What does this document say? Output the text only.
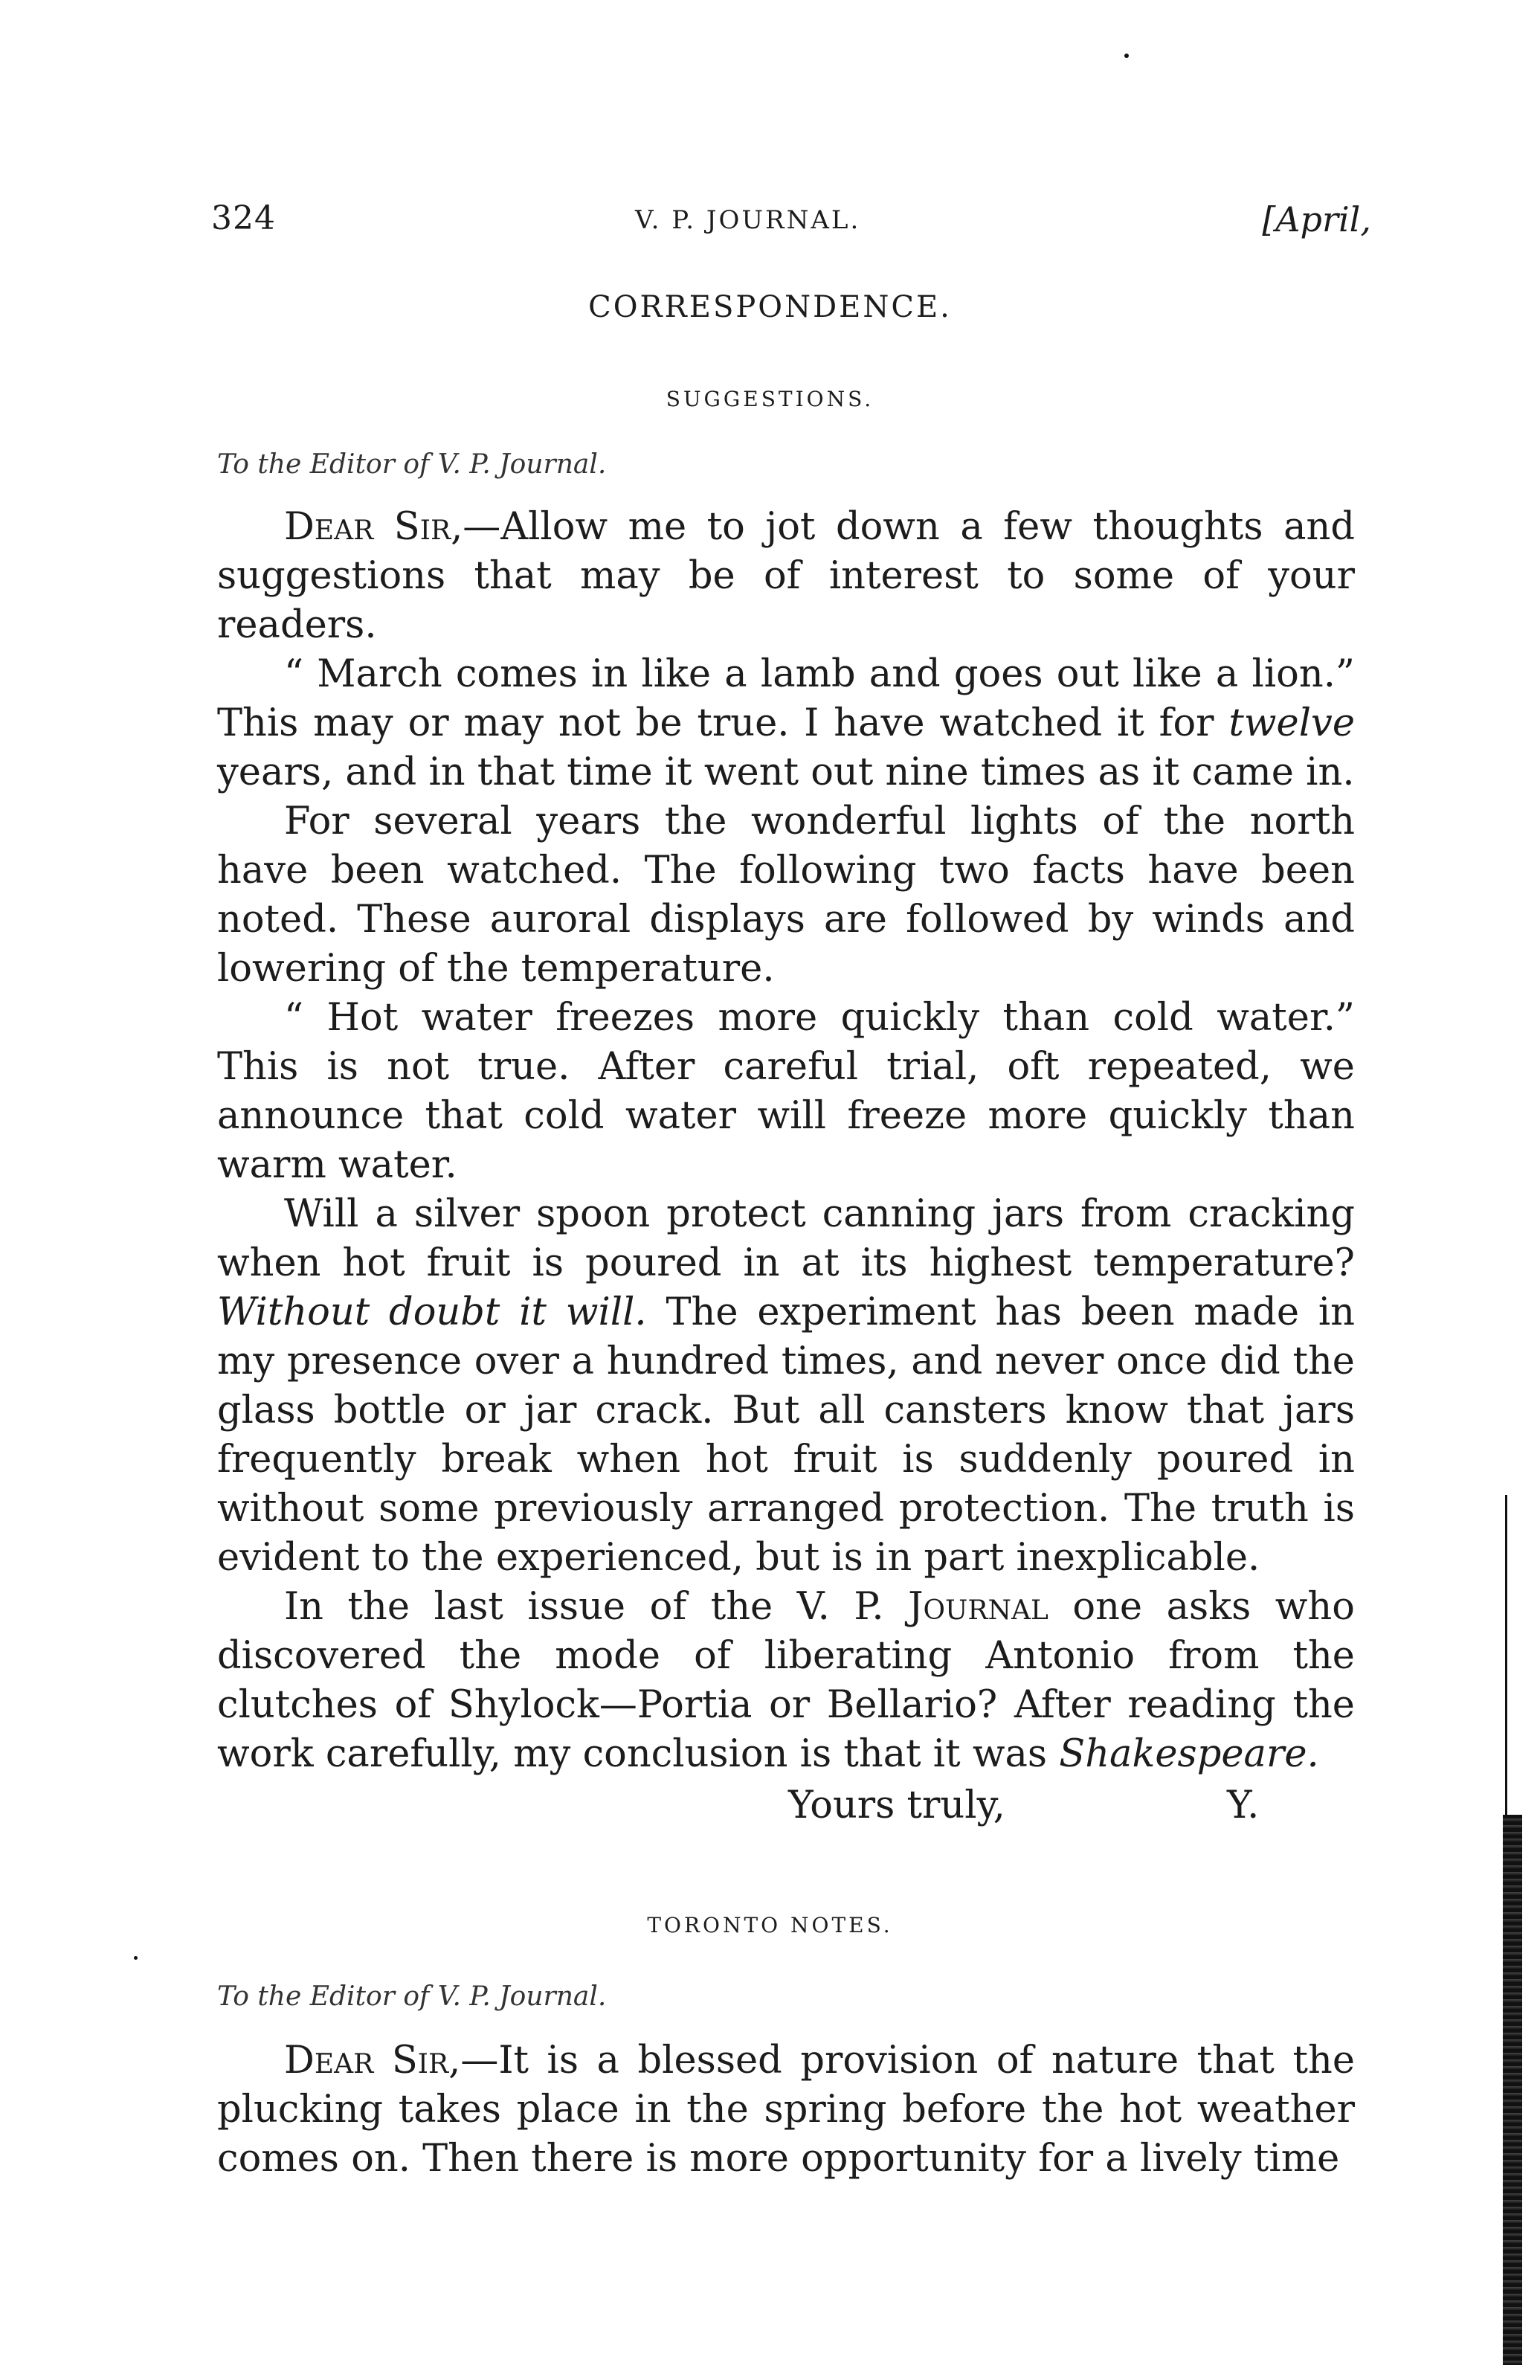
324	V. P. JOURNAL.	[April,
CORRESPONDENCE.
SUGGESTIONS.
To the Editor of V. P. Journal.

Dear Sir,—Allow me to jot down a few thoughts and suggestions that may be of interest to some of your readers.

“ March comes in like a lamb and goes out like a lion.” This may or may not be true. I have watched it for twelve years, and in that time it went out nine times as it came in.

For several years the wonderful lights of the north have been watched. The following two facts have been noted. These auroral displays are followed by winds and lowering of the temperature.

“ Hot water freezes more quickly than cold water.” This is not true. After careful trial, oft repeated, we announce that cold water will freeze more quickly than warm water.

Will a silver spoon protect canning jars from cracking when hot fruit is poured in at its highest temperature? Without doubt it will. The experiment has been made in my presence over a hundred times, and never once did the glass bottle or jar crack. But all cansters know that jars frequently break when hot fruit is suddenly poured in without some previously arranged protection. The truth is evident to the experienced, but is in part inexplicable.

In the last issue of the V. P. Journal one asks who discovered the mode of liberating Antonio from the clutches of Shylock—Portia or Bellario? After reading the work carefully, my conclusion is that it was Shakespeare.

Yours truly,	Y.
TORONTO NOTES.
To the Editor of V. P. Journal.

Dear Sir,—It is a blessed provision of nature that the plucking takes place in the spring before the hot weather comes on. Then there is more opportunity for a lively time
